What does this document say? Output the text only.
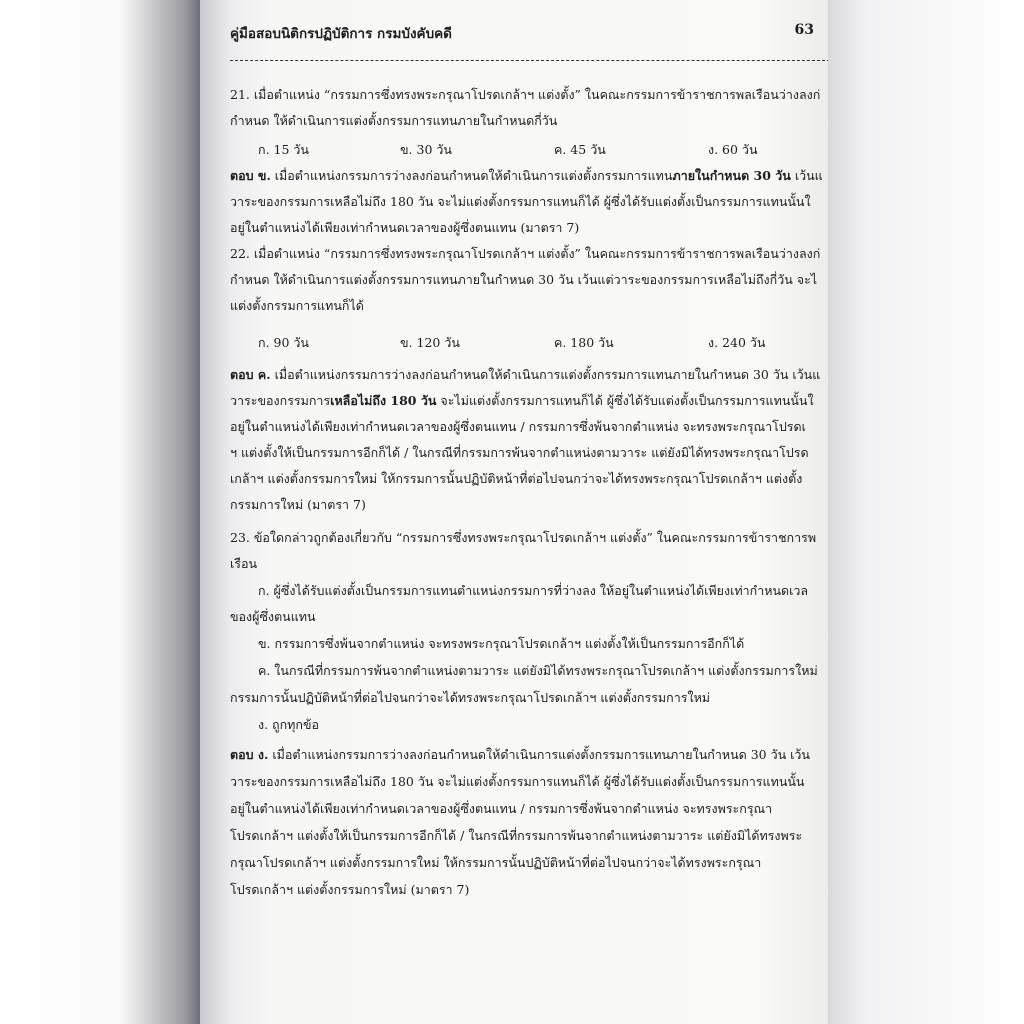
คู่มือสอบนิติกรปฏิบัติการ กรมบังคับคดี	63
21. เมื่อตำแหน่ง “กรรมการซึ่งทรงพระกรุณาโปรดเกล้าฯ แต่งตั้ง” ในคณะกรรมการข้าราชการพลเรือนว่างลงก่
กำหนด ให้ดำเนินการแต่งตั้งกรรมการแทนภายในกำหนดกี่วัน
ก. 15 วัน	ข. 30 วัน	ค. 45 วัน	ง. 60 วัน
ตอบ ข. เมื่อตำแหน่งกรรมการว่างลงก่อนกำหนดให้ดำเนินการแต่งตั้งกรรมการแทนภายในกำหนด 30 วัน เว้นแ
วาระของกรรมการเหลือไม่ถึง 180 วัน จะไม่แต่งตั้งกรรมการแทนก็ได้ ผู้ซึ่งได้รับแต่งตั้งเป็นกรรมการแทนนั้นใ
อยู่ในตำแหน่งได้เพียงเท่ากำหนดเวลาของผู้ซึ่งตนแทน (มาตรา 7)
22. เมื่อตำแหน่ง “กรรมการซึ่งทรงพระกรุณาโปรดเกล้าฯ แต่งตั้ง” ในคณะกรรมการข้าราชการพลเรือนว่างลงก่
กำหนด ให้ดำเนินการแต่งตั้งกรรมการแทนภายในกำหนด 30 วัน เว้นแต่วาระของกรรมการเหลือไม่ถึงกี่วัน จะไ
แต่งตั้งกรรมการแทนก็ได้
ก. 90 วัน	ข. 120 วัน	ค. 180 วัน	ง. 240 วัน
ตอบ ค. เมื่อตำแหน่งกรรมการว่างลงก่อนกำหนดให้ดำเนินการแต่งตั้งกรรมการแทนภายในกำหนด 30 วัน เว้นแ
วาระของกรรมการเหลือไม่ถึง 180 วัน จะไม่แต่งตั้งกรรมการแทนก็ได้ ผู้ซึ่งได้รับแต่งตั้งเป็นกรรมการแทนนั้นใ
อยู่ในตำแหน่งได้เพียงเท่ากำหนดเวลาของผู้ซึ่งตนแทน / กรรมการซึ่งพ้นจากตำแหน่ง จะทรงพระกรุณาโปรดเ
ฯ แต่งตั้งให้เป็นกรรมการอีกก็ได้ / ในกรณีที่กรรมการพ้นจากตำแหน่งตามวาระ แต่ยังมิได้ทรงพระกรุณาโปรด
เกล้าฯ แต่งตั้งกรรมการใหม่ ให้กรรมการนั้นปฏิบัติหน้าที่ต่อไปจนกว่าจะได้ทรงพระกรุณาโปรดเกล้าฯ แต่งตั้ง
กรรมการใหม่ (มาตรา 7)
23. ข้อใดกล่าวถูกต้องเกี่ยวกับ “กรรมการซึ่งทรงพระกรุณาโปรดเกล้าฯ แต่งตั้ง” ในคณะกรรมการข้าราชการพ
เรือน
ก. ผู้ซึ่งได้รับแต่งตั้งเป็นกรรมการแทนตำแหน่งกรรมการที่ว่างลง ให้อยู่ในตำแหน่งได้เพียงเท่ากำหนดเวล
ของผู้ซึ่งตนแทน
ข. กรรมการซึ่งพ้นจากตำแหน่ง จะทรงพระกรุณาโปรดเกล้าฯ แต่งตั้งให้เป็นกรรมการอีกก็ได้
ค. ในกรณีที่กรรมการพ้นจากตำแหน่งตามวาระ แต่ยังมิได้ทรงพระกรุณาโปรดเกล้าฯ แต่งตั้งกรรมการใหม่
กรรมการนั้นปฏิบัติหน้าที่ต่อไปจนกว่าจะได้ทรงพระกรุณาโปรดเกล้าฯ แต่งตั้งกรรมการใหม่
ง. ถูกทุกข้อ
ตอบ ง. เมื่อตำแหน่งกรรมการว่างลงก่อนกำหนดให้ดำเนินการแต่งตั้งกรรมการแทนภายในกำหนด 30 วัน เว้น
วาระของกรรมการเหลือไม่ถึง 180 วัน จะไม่แต่งตั้งกรรมการแทนก็ได้ ผู้ซึ่งได้รับแต่งตั้งเป็นกรรมการแทนนั้น
อยู่ในตำแหน่งได้เพียงเท่ากำหนดเวลาของผู้ซึ่งตนแทน / กรรมการซึ่งพ้นจากตำแหน่ง จะทรงพระกรุณา
โปรดเกล้าฯ แต่งตั้งให้เป็นกรรมการอีกก็ได้ / ในกรณีที่กรรมการพ้นจากตำแหน่งตามวาระ แต่ยังมิได้ทรงพระ
กรุณาโปรดเกล้าฯ แต่งตั้งกรรมการใหม่ ให้กรรมการนั้นปฏิบัติหน้าที่ต่อไปจนกว่าจะได้ทรงพระกรุณา
โปรดเกล้าฯ แต่งตั้งกรรมการใหม่ (มาตรา 7)
